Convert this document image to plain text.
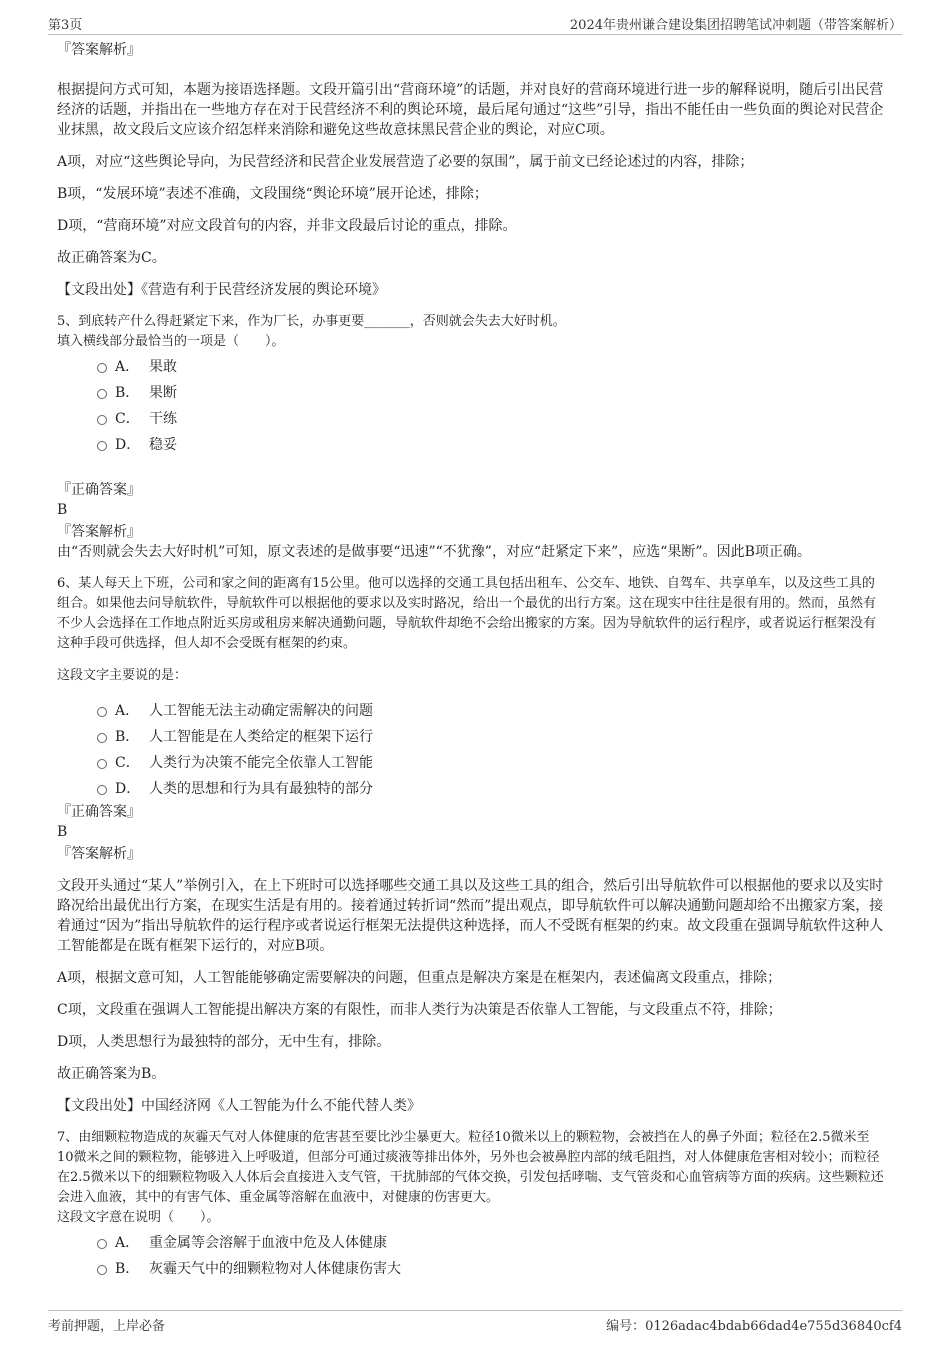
第3页	2024年贵州谦合建设集团招聘笔试冲刺题（带答案解析）

『答案解析』

根据提问方式可知，本题为接语选择题。文段开篇引出“营商环境”的话题，并对良好的营商环境进行进一步的解释说明，随后引出民营经济的话题，并指出在一些地方存在对于民营经济不利的舆论环境，最后尾句通过“这些”引导，指出不能任由一些负面的舆论对民营企业抹黑，故文段后文应该介绍怎样来消除和避免这些故意抹黑民营企业的舆论，对应C项。

A项，对应“这些舆论导向，为民营经济和民营企业发展营造了必要的氛围”，属于前文已经论述过的内容，排除；

B项，“发展环境”表述不准确，文段围绕“舆论环境”展开论述，排除；

D项，“营商环境”对应文段首句的内容，并非文段最后讨论的重点，排除。

故正确答案为C。

【文段出处】《营造有利于民营经济发展的舆论环境》

5、到底转产什么得赶紧定下来，作为厂长，办事更要_______，否则就会失去大好时机。

填入横线部分最恰当的一项是（　　）。

A． 果敢
B． 果断
C． 干练
D． 稳妥

『正确答案』

B

『答案解析』

由“否则就会失去大好时机”可知，原文表述的是做事要“迅速”“不犹豫”，对应“赶紧定下来”，应选“果断”。因此B项正确。

6、某人每天上下班，公司和家之间的距离有15公里。他可以选择的交通工具包括出租车、公交车、地铁、自驾车、共享单车，以及这些工具的组合。如果他去问导航软件，导航软件可以根据他的要求以及实时路况，给出一个最优的出行方案。这在现实中往往是很有用的。然而，虽然有不少人会选择在工作地点附近买房或租房来解决通勤问题，导航软件却绝不会给出搬家的方案。因为导航软件的运行程序，或者说运行框架没有这种手段可供选择，但人却不会受既有框架的约束。

这段文字主要说的是：

A． 人工智能无法主动确定需解决的问题
B． 人工智能是在人类给定的框架下运行
C． 人类行为决策不能完全依靠人工智能
D． 人类的思想和行为具有最独特的部分

『正确答案』

B

『答案解析』

文段开头通过“某人”举例引入，在上下班时可以选择哪些交通工具以及这些工具的组合，然后引出导航软件可以根据他的要求以及实时路况给出最优出行方案，在现实生活是有用的。接着通过转折词“然而”提出观点，即导航软件可以解决通勤问题却给不出搬家方案，接着通过“因为”指出导航软件的运行程序或者说运行框架无法提供这种选择，而人不受既有框架的约束。故文段重在强调导航软件这种人工智能都是在既有框架下运行的，对应B项。

A项，根据文意可知，人工智能能够确定需要解决的问题，但重点是解决方案是在框架内，表述偏离文段重点，排除；

C项，文段重在强调人工智能提出解决方案的有限性，而非人类行为决策是否依靠人工智能，与文段重点不符，排除；

D项，人类思想行为最独特的部分，无中生有，排除。

故正确答案为B。

【文段出处】中国经济网《人工智能为什么不能代替人类》

7、由细颗粒物造成的灰霾天气对人体健康的危害甚至要比沙尘暴更大。粒径10微米以上的颗粒物，会被挡在人的鼻子外面；粒径在2.5微米至10微米之间的颗粒物，能够进入上呼吸道，但部分可通过痰液等排出体外，另外也会被鼻腔内部的绒毛阻挡，对人体健康危害相对较小；而粒径在2.5微米以下的细颗粒物吸入人体后会直接进入支气管，干扰肺部的气体交换，引发包括哮喘、支气管炎和心血管病等方面的疾病。这些颗粒还会进入血液，其中的有害气体、重金属等溶解在血液中，对健康的伤害更大。

这段文字意在说明（　　）。

A． 重金属等会溶解于血液中危及人体健康
B． 灰霾天气中的细颗粒物对人体健康伤害大
考前押题，上岸必备	编号：0126adac4bdab66dad4e755d36840cf4
